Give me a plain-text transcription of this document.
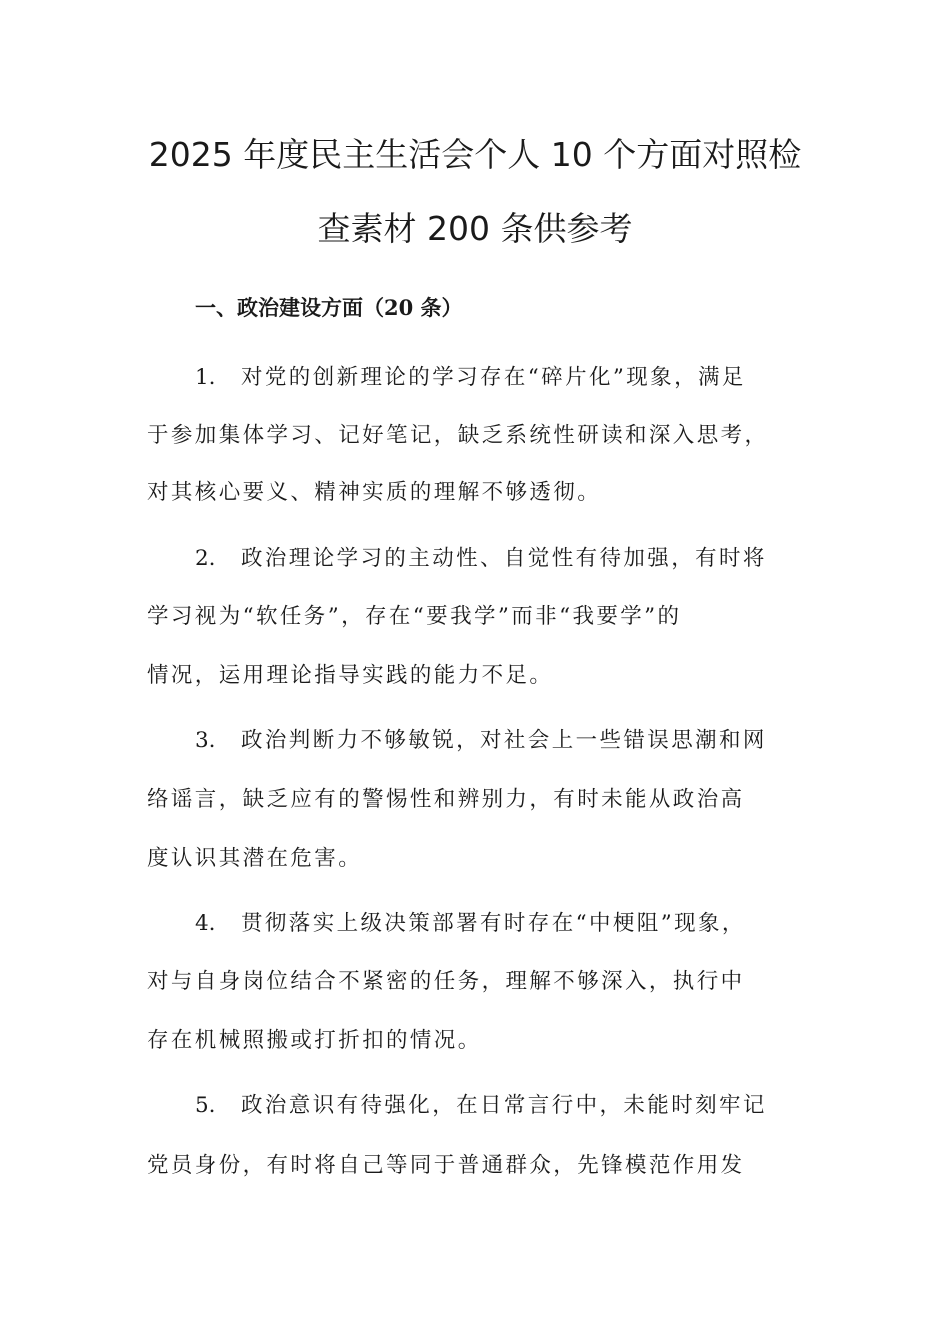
2025 年度民主生活会个人 10 个方面对照检
查素材 200 条供参考
一、政治建设方面（20 条）
1. 对党的创新理论的学习存在“碎片化”现象，满足
于参加集体学习、记好笔记，缺乏系统性研读和深入思考，
对其核心要义、精神实质的理解不够透彻。
2. 政治理论学习的主动性、自觉性有待加强，有时将
学习视为“软任务”，存在“要我学”而非“我要学”的
情况，运用理论指导实践的能力不足。
3. 政治判断力不够敏锐，对社会上一些错误思潮和网
络谣言，缺乏应有的警惕性和辨别力，有时未能从政治高
度认识其潜在危害。
4. 贯彻落实上级决策部署有时存在“中梗阻”现象，
对与自身岗位结合不紧密的任务，理解不够深入，执行中
存在机械照搬或打折扣的情况。
5. 政治意识有待强化，在日常言行中，未能时刻牢记
党员身份，有时将自己等同于普通群众，先锋模范作用发
